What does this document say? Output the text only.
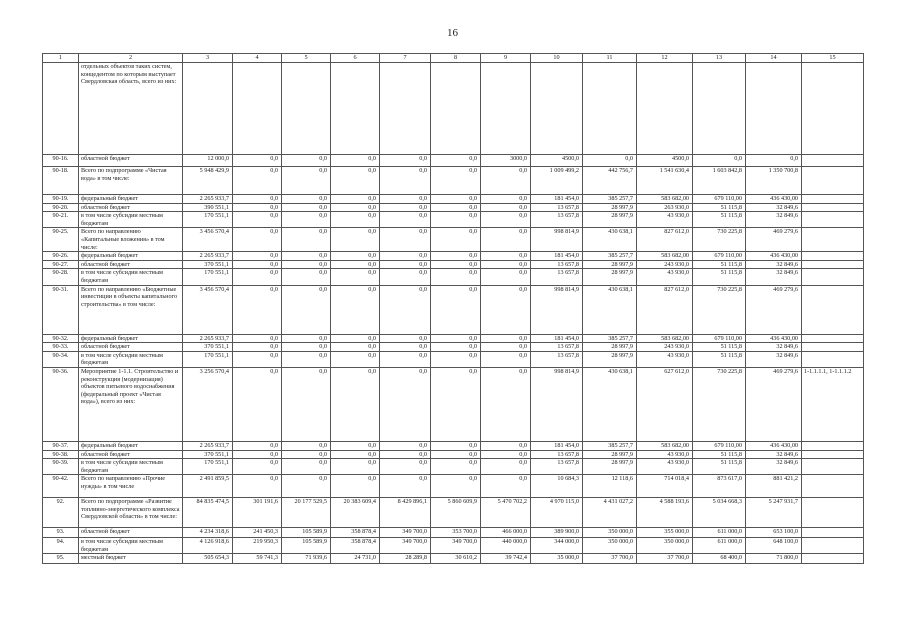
16
1	2	3	4	5	6	7	8	9	10	11	12	13	14	15
	отдельных объектов таких систем, концедентом по которым выступает Свердловская область, всего из них:													
90-16.	областной бюджет	12 000,0	0,0	0,0	0,0	0,0	0,0	3000,0	4500,0	0,0	4500,0	0,0	0,0	
90-18.	Всего по подпрограмме «Чистая вода» в том числе:	5 948 429,9	0,0	0,0	0,0	0,0	0,0	0,0	1 009 499,2	442 756,7	1 541 630,4	1 603 842,8	1 350 700,8	
90-19.	федеральный бюджет	2 265 933,7	0,0	0,0	0,0	0,0	0,0	0,0	181 454,0	385 257,7	583 682,00	679 110,00	436 430,00	
90-20.	областной бюджет	390 551,1	0,0	0,0	0,0	0,0	0,0	0,0	13 657,8	28 997,9	263 930,0	51 115,8	32 849,6	
90-21.	в том числе субсидии местным бюджетам	170 551,1	0,0	0,0	0,0	0,0	0,0	0,0	13 657,8	28 997,9	43 930,0	51 115,8	32 849,6	
90-25.	Всего по направлению «Капитальные вложения» в том числе:	3 456 570,4	0,0	0,0	0,0	0,0	0,0	0,0	998 814,9	430 638,1	827 612,0	730 225,8	469 279,6	
90-26.	федеральный бюджет	2 265 933,7	0,0	0,0	0,0	0,0	0,0	0,0	181 454,0	385 257,7	583 682,00	679 110,00	436 430,00	
90-27.	областной бюджет	370 551,1	0,0	0,0	0,0	0,0	0,0	0,0	13 657,8	28 997,9	243 930,0	51 115,8	32 849,6	
90-28.	в том числе субсидии местным бюджетам	170 551,1	0,0	0,0	0,0	0,0	0,0	0,0	13 657,8	28 997,9	43 930,0	51 115,8	32 849,6	
90-31.	Всего по направлению «Бюджетные инвестиции в объекты капитального строительства» в том числе:	3 456 570,4	0,0	0,0	0,0	0,0	0,0	0,0	998 814,9	430 638,1	827 612,0	730 225,8	469 279,6	
90-32.	федеральный бюджет	2 265 933,7	0,0	0,0	0,0	0,0	0,0	0,0	181 454,0	385 257,7	583 682,00	679 110,00	436 430,00	
90-33.	областной бюджет	370 551,1	0,0	0,0	0,0	0,0	0,0	0,0	13 657,8	28 997,9	243 930,0	51 115,8	32 849,6	
90-34.	в том числе субсидии местным бюджетам	170 551,1	0,0	0,0	0,0	0,0	0,0	0,0	13 657,8	28 997,9	43 930,0	51 115,8	32 849,6	
90-36.	Мероприятие 1-1.1. Строительство и реконструкция (модернизация) объектов питьевого водоснабжения (федеральный проект «Чистая вода»), всего из них:	3 256 570,4	0,0	0,0	0,0	0,0	0,0	0,0	998 814,9	430 638,1	627 612,0	730 225,8	469 279,6	1-1.1.1.1, 1-1.1.1.2
90-37.	федеральный бюджет	2 265 933,7	0,0	0,0	0,0	0,0	0,0	0,0	181 454,0	385 257,7	583 682,00	679 110,00	436 430,00	
90-38.	областной бюджет	370 551,1	0,0	0,0	0,0	0,0	0,0	0,0	13 657,8	28 997,9	43 930,0	51 115,8	32 849,6	
90-39.	в том числе субсидии местным бюджетам	170 551,1	0,0	0,0	0,0	0,0	0,0	0,0	13 657,8	28 997,9	43 930,0	51 115,8	32 849,6	
90-42.	Всего по направлению «Прочие нужды» в том числе	2 491 859,5	0,0	0,0	0,0	0,0	0,0	0,0	10 684,3	12 118,6	714 018,4	873 617,0	881 421,2	
92.	Всего по подпрограмме «Развитие топливно-энергетического комплекса Свердловской области» в том числе:	84 835 474,5	301 191,6	20 177 529,5	20 383 609,4	8 429 896,1	5 860 609,9	5 470 702,2	4 970 115,0	4 431 027,2	4 588 193,6	5 034 668,3	5 247 931,7	
93.	областной бюджет	4 234 318,6	241 450,3	105 589,9	358 878,4	349 700,0	353 700,0	466 000,0	389 900,0	350 000,0	355 000,0	611 000,0	653 100,0	
94.	в том числе субсидии местным бюджетам	4 126 918,6	219 950,3	105 589,9	358 878,4	349 700,0	349 700,0	440 000,0	344 000,0	350 000,0	350 000,0	611 000,0	648 100,0	
95.	местный бюджет	505 654,3	59 741,3	71 939,6	24 731,0	28 289,8	30 610,2	39 742,4	35 000,0	37 700,0	37 700,0	68 400,0	71 800,0	
